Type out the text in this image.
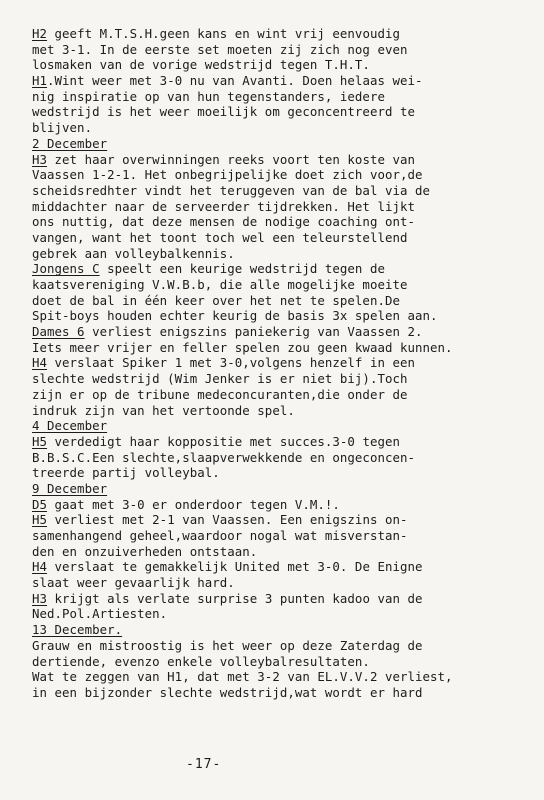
H2 geeft M.T.S.H.geen kans en wint vrij eenvoudig
met 3-1. In de eerste set moeten zij zich nog even
losmaken van de vorige wedstrijd tegen T.H.T.
H1.Wint weer met 3-0 nu van Avanti. Doen helaas wei-
nig inspiratie op van hun tegenstanders, iedere
wedstrijd is het weer moeilijk om geconcentreerd te
blijven.
2 December
H3 zet haar overwinningen reeks voort ten koste van
Vaassen 1-2-1. Het onbegrijpelijke doet zich voor,de
scheidsredhter vindt het teruggeven van de bal via de
middachter naar de serveerder tijdrekken. Het lijkt
ons nuttig, dat deze mensen de nodige coaching ont-
vangen, want het toont toch wel een teleurstellend
gebrek aan volleybalkennis.
Jongens C speelt een keurige wedstrijd tegen de
kaatsvereniging V.W.B.b, die alle mogelijke moeite
doet de bal in één keer over het net te spelen.De
Spit-boys houden echter keurig de basis 3x spelen aan.
Dames 6 verliest enigszins paniekerig van Vaassen 2.
Iets meer vrijer en feller spelen zou geen kwaad kunnen.
H4 verslaat Spiker 1 met 3-0,volgens henzelf in een
slechte wedstrijd (Wim Jenker is er niet bij).Toch
zijn er op de tribune medeconcuranten,die onder de
indruk zijn van het vertoonde spel.
4 December
H5 verdedigt haar koppositie met succes.3-0 tegen
B.B.S.C.Een slechte,slaapverwekkende en ongeconcen-
treerde partij volleybal.
9 December
D5 gaat met 3-0 er onderdoor tegen V.M.!.
H5 verliest met 2-1 van Vaassen. Een enigszins on-
samenhangend geheel,waardoor nogal wat misverstan-
den en onzuiverheden ontstaan.
H4 verslaat te gemakkelijk United met 3-0. De Enigne
slaat weer gevaarlijk hard.
H3 krijgt als verlate surprise 3 punten kadoo van de
Ned.Pol.Artiesten.
13 December.
Grauw en mistroostig is het weer op deze Zaterdag de
dertiende, evenzo enkele volleybalresultaten.
Wat te zeggen van H1, dat met 3-2 van EL.V.V.2 verliest,
in een bijzonder slechte wedstrijd,wat wordt er hard
-17-
